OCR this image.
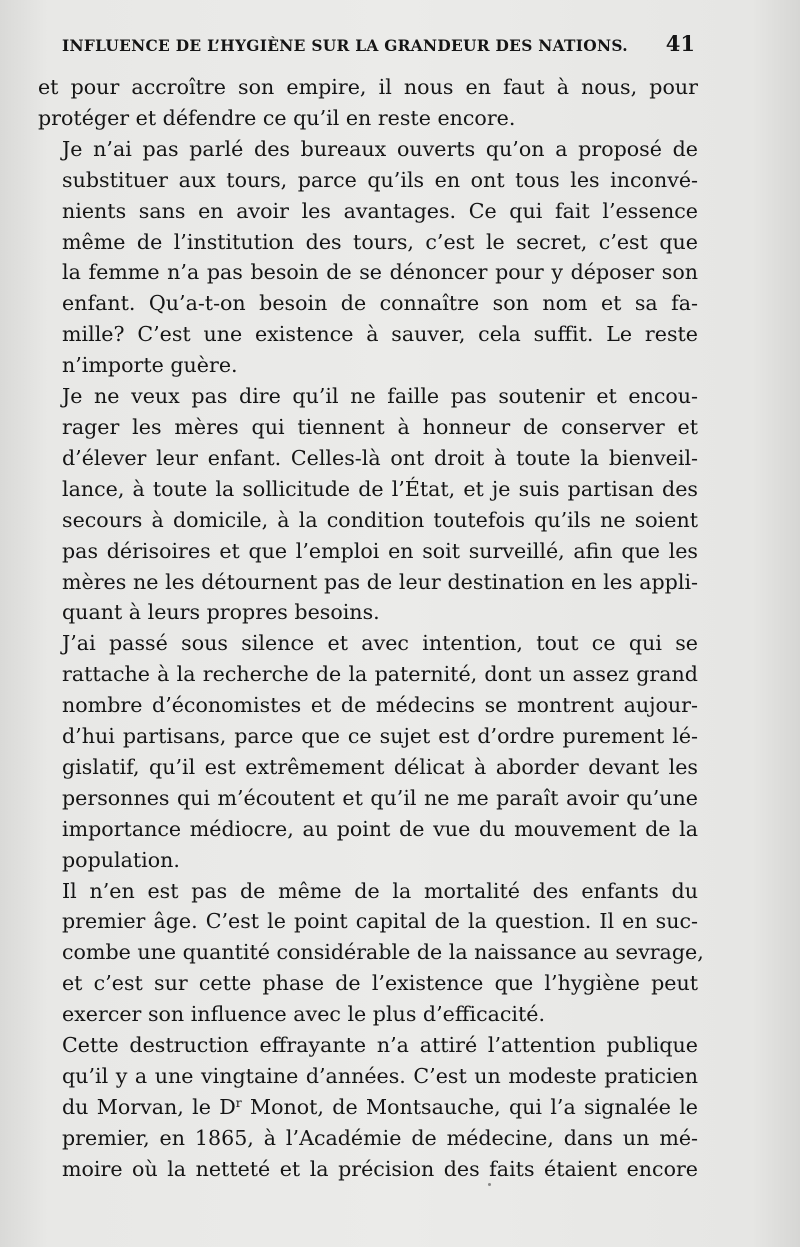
INFLUENCE DE L’HYGIÈNE SUR LA GRANDEUR DES NATIONS. 41

et pour accroître son empire, il nous en faut à nous, pour
protéger et défendre ce qu’il en reste encore.

Je n’ai pas parlé des bureaux ouverts qu’on a proposé de
substituer aux tours, parce qu’ils en ont tous les inconvé-
nients sans en avoir les avantages. Ce qui fait l’essence
même de l’institution des tours, c’est le secret, c’est que
la femme n’a pas besoin de se dénoncer pour y déposer son
enfant. Qu’a-t-on besoin de connaître son nom et sa fa-
mille? C’est une existence à sauver, cela suffit. Le reste
n’importe guère.

Je ne veux pas dire qu’il ne faille pas soutenir et encou-
rager les mères qui tiennent à honneur de conserver et
d’élever leur enfant. Celles-là ont droit à toute la bienveil-
lance, à toute la sollicitude de l’État, et je suis partisan des
secours à domicile, à la condition toutefois qu’ils ne soient
pas dérisoires et que l’emploi en soit surveillé, afin que les
mères ne les détournent pas de leur destination en les appli-
quant à leurs propres besoins.

J’ai passé sous silence et avec intention, tout ce qui se
rattache à la recherche de la paternité, dont un assez grand
nombre d’économistes et de médecins se montrent aujour-
d’hui partisans, parce que ce sujet est d’ordre purement lé-
gislatif, qu’il est extrêmement délicat à aborder devant les
personnes qui m’écoutent et qu’il ne me paraît avoir qu’une
importance médiocre, au point de vue du mouvement de la
population.

Il n’en est pas de même de la mortalité des enfants du
premier âge. C’est le point capital de la question. Il en suc-
combe une quantité considérable de la naissance au sevrage,
et c’est sur cette phase de l’existence que l’hygiène peut
exercer son influence avec le plus d’efficacité.

Cette destruction effrayante n’a attiré l’attention publique
qu’il y a une vingtaine d’années. C’est un modeste praticien
du Morvan, le $D^r$ Monot, de Montsauche, qui l’a signalée le
premier, en 1865, à l’Académie de médecine, dans un mé-
moire où la netteté et la précision des faits étaient encore
